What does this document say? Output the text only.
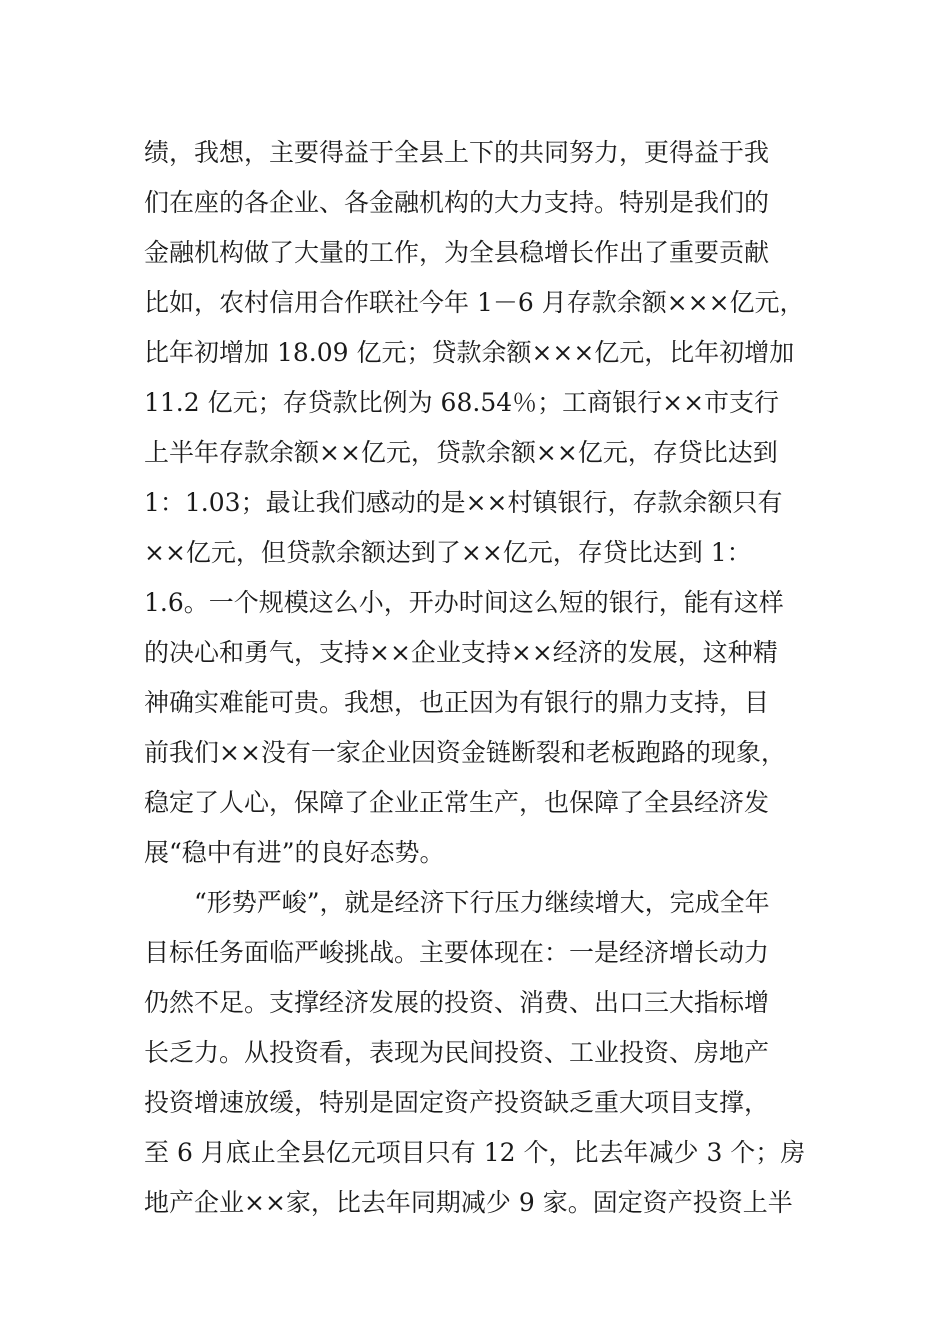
绩，我想，主要得益于全县上下的共同努力，更得益于我
们在座的各企业、各金融机构的大力支持。特别是我们的
金融机构做了大量的工作，为全县稳增长作出了重要贡献
比如，农村信用合作联社今年 1－6 月存款余额×××亿元，
比年初增加 18.09 亿元；贷款余额×××亿元，比年初增加
11.2 亿元；存贷款比例为 68.54％；工商银行××市支行
上半年存款余额××亿元，贷款余额××亿元，存贷比达到
1：1.03；最让我们感动的是××村镇银行，存款余额只有
××亿元，但贷款余额达到了××亿元，存贷比达到 1：
1.6。一个规模这么小，开办时间这么短的银行，能有这样
的决心和勇气，支持××企业支持××经济的发展，这种精
神确实难能可贵。我想，也正因为有银行的鼎力支持，目
前我们××没有一家企业因资金链断裂和老板跑路的现象，
稳定了人心，保障了企业正常生产，也保障了全县经济发
展“稳中有进”的良好态势。
“形势严峻”，就是经济下行压力继续增大，完成全年
目标任务面临严峻挑战。主要体现在：一是经济增长动力
仍然不足。支撑经济发展的投资、消费、出口三大指标增
长乏力。从投资看，表现为民间投资、工业投资、房地产
投资增速放缓，特别是固定资产投资缺乏重大项目支撑，
至 6 月底止全县亿元项目只有 12 个，比去年减少 3 个；房
地产企业××家，比去年同期减少 9 家。固定资产投资上半
